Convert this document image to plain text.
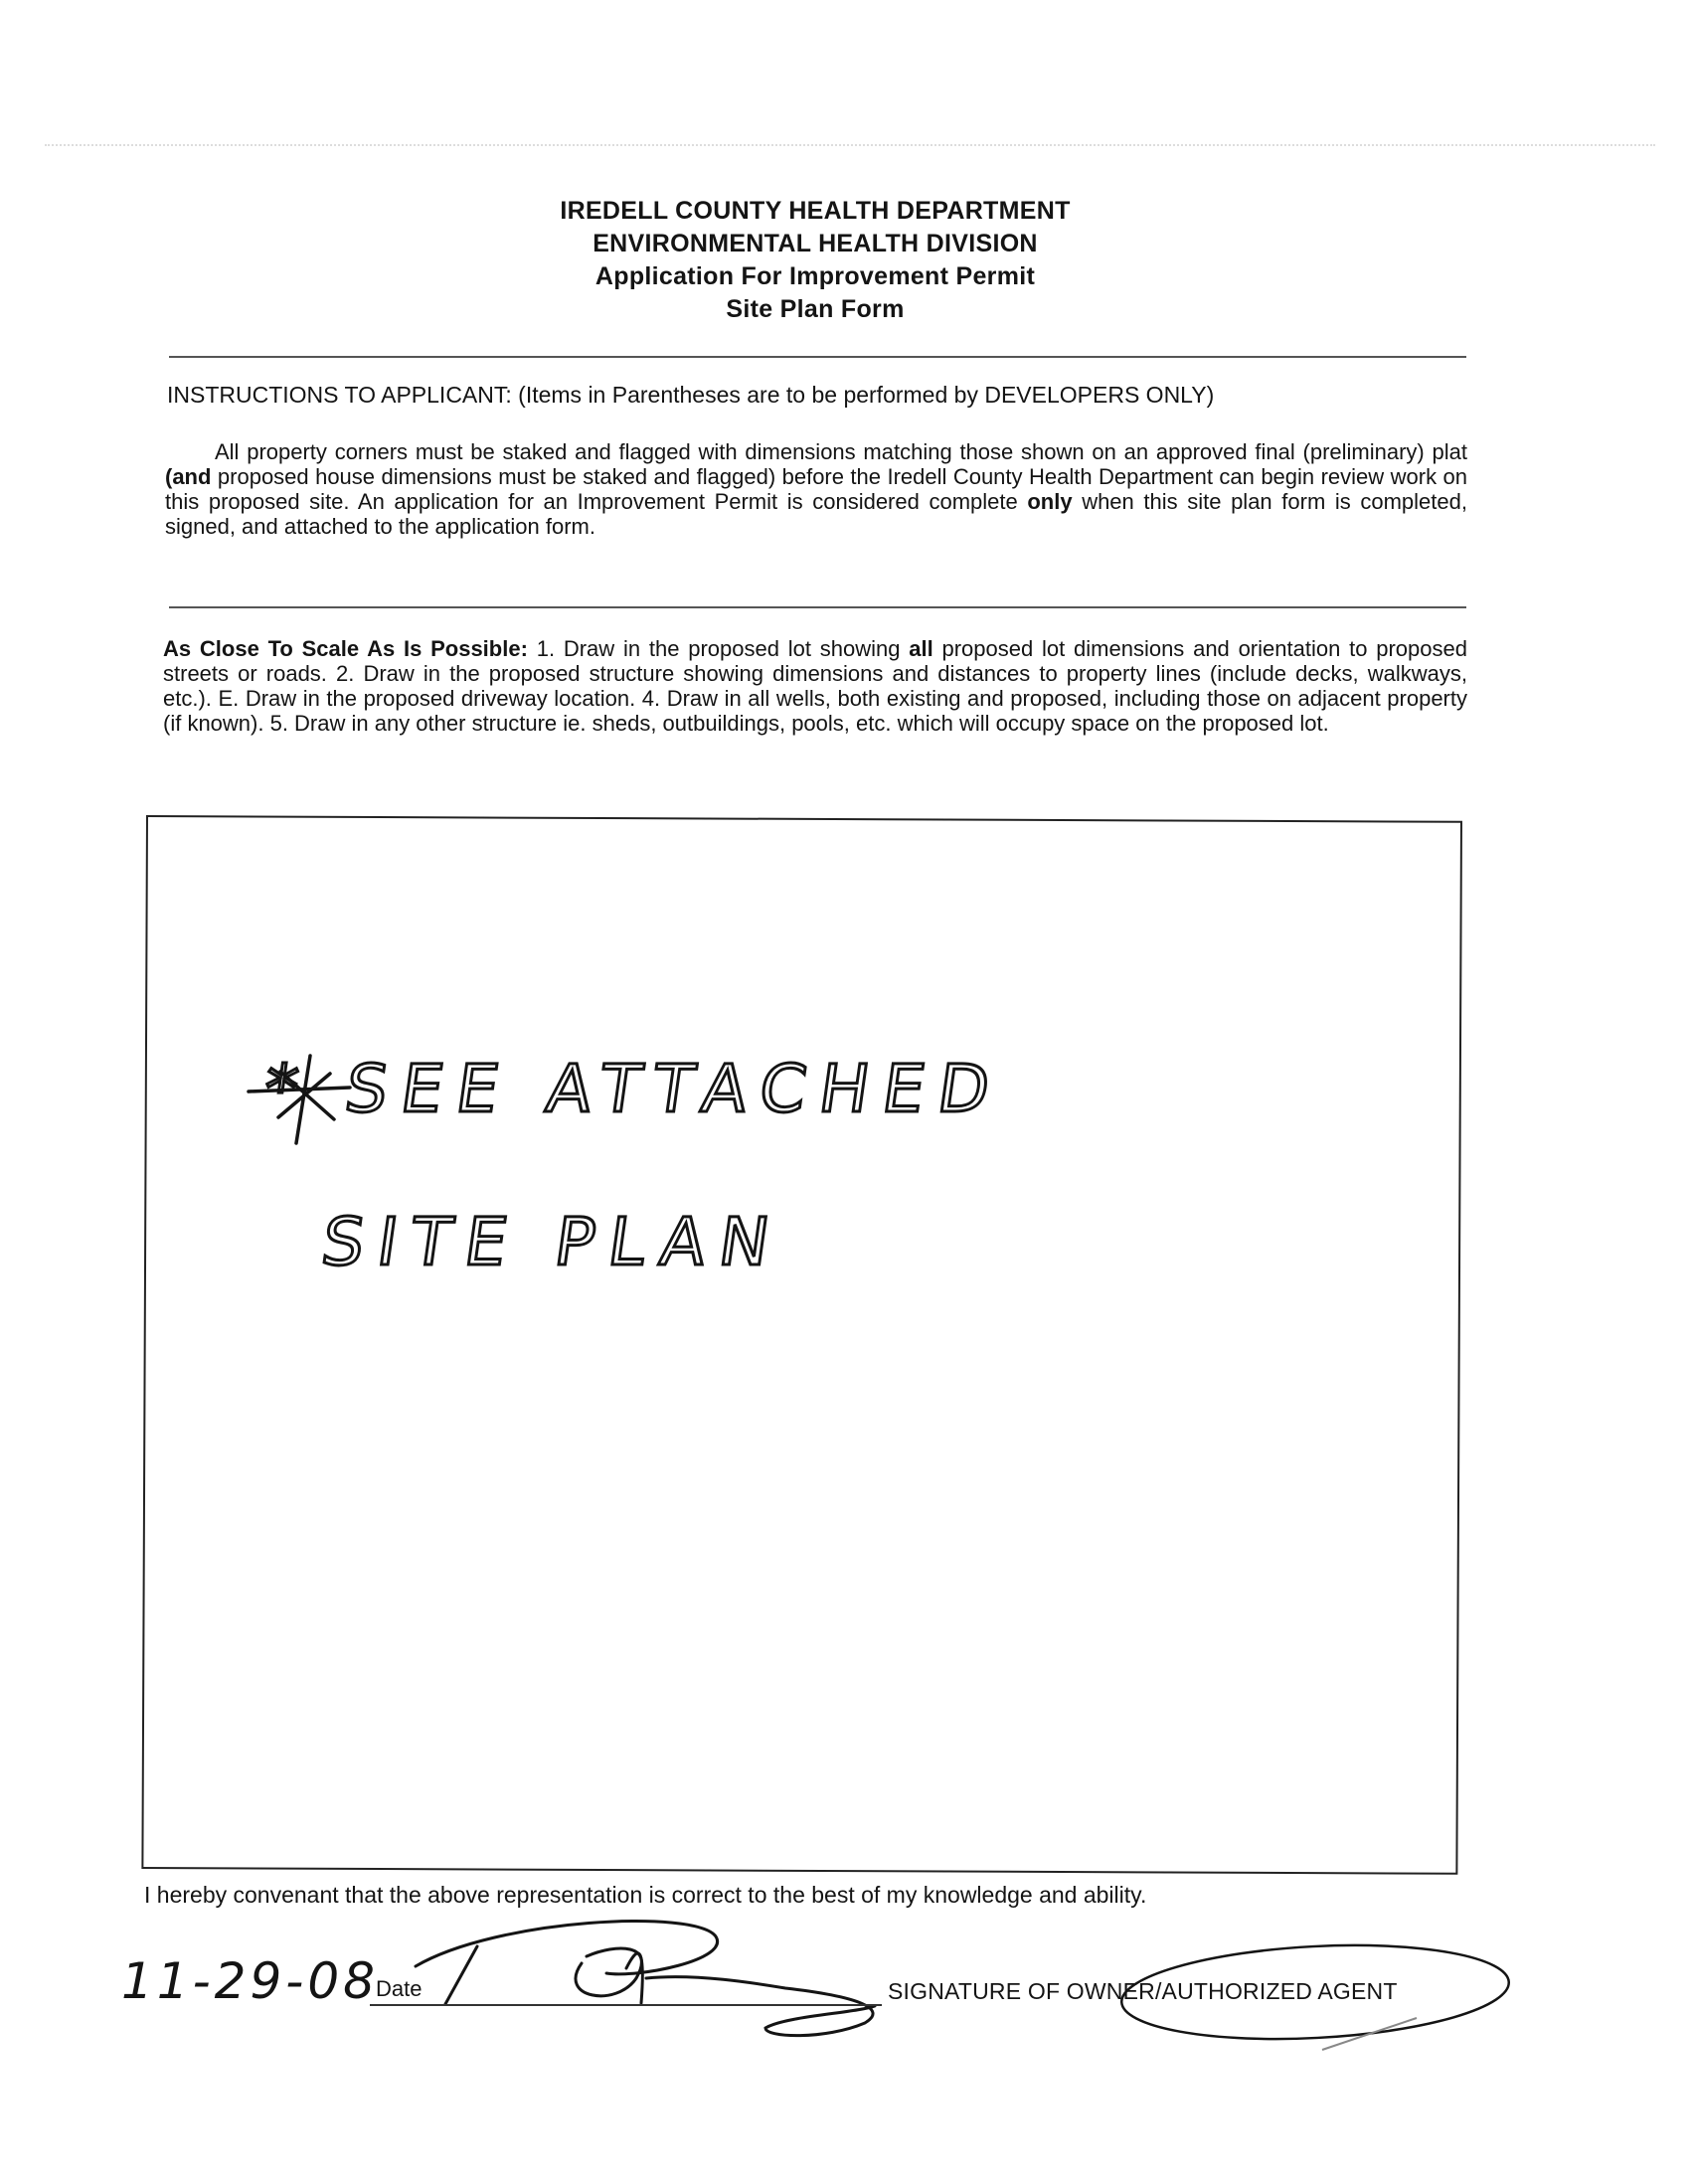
IREDELL COUNTY HEALTH DEPARTMENT
ENVIRONMENTAL HEALTH DIVISION
Application For Improvement Permit
Site Plan Form
INSTRUCTIONS TO APPLICANT: (Items in Parentheses are to be performed by DEVELOPERS ONLY)
All property corners must be staked and flagged with dimensions matching those shown on an approved final (preliminary) plat (and proposed house dimensions must be staked and flagged) before the Iredell County Health Department can begin review work on this proposed site. An application for an Improvement Permit is considered complete only when this site plan form is completed, signed, and attached to the application form.
As Close To Scale As Is Possible: 1. Draw in the proposed lot showing all proposed lot dimensions and orientation to proposed streets or roads. 2. Draw in the proposed structure showing dimensions and distances to property lines (include decks, walkways, etc.). E. Draw in the proposed driveway location. 4. Draw in all wells, both existing and proposed, including those on adjacent property (if known). 5. Draw in any other structure ie. sheds, outbuildings, pools, etc. which will occupy space on the proposed lot.
* SEE ATTACHED
SITE PLAN
11-29-08
I hereby convenant that the above representation is correct to the best of my knowledge and ability.
Date	SIGNATURE OF OWNER/AUTHORIZED AGENT
